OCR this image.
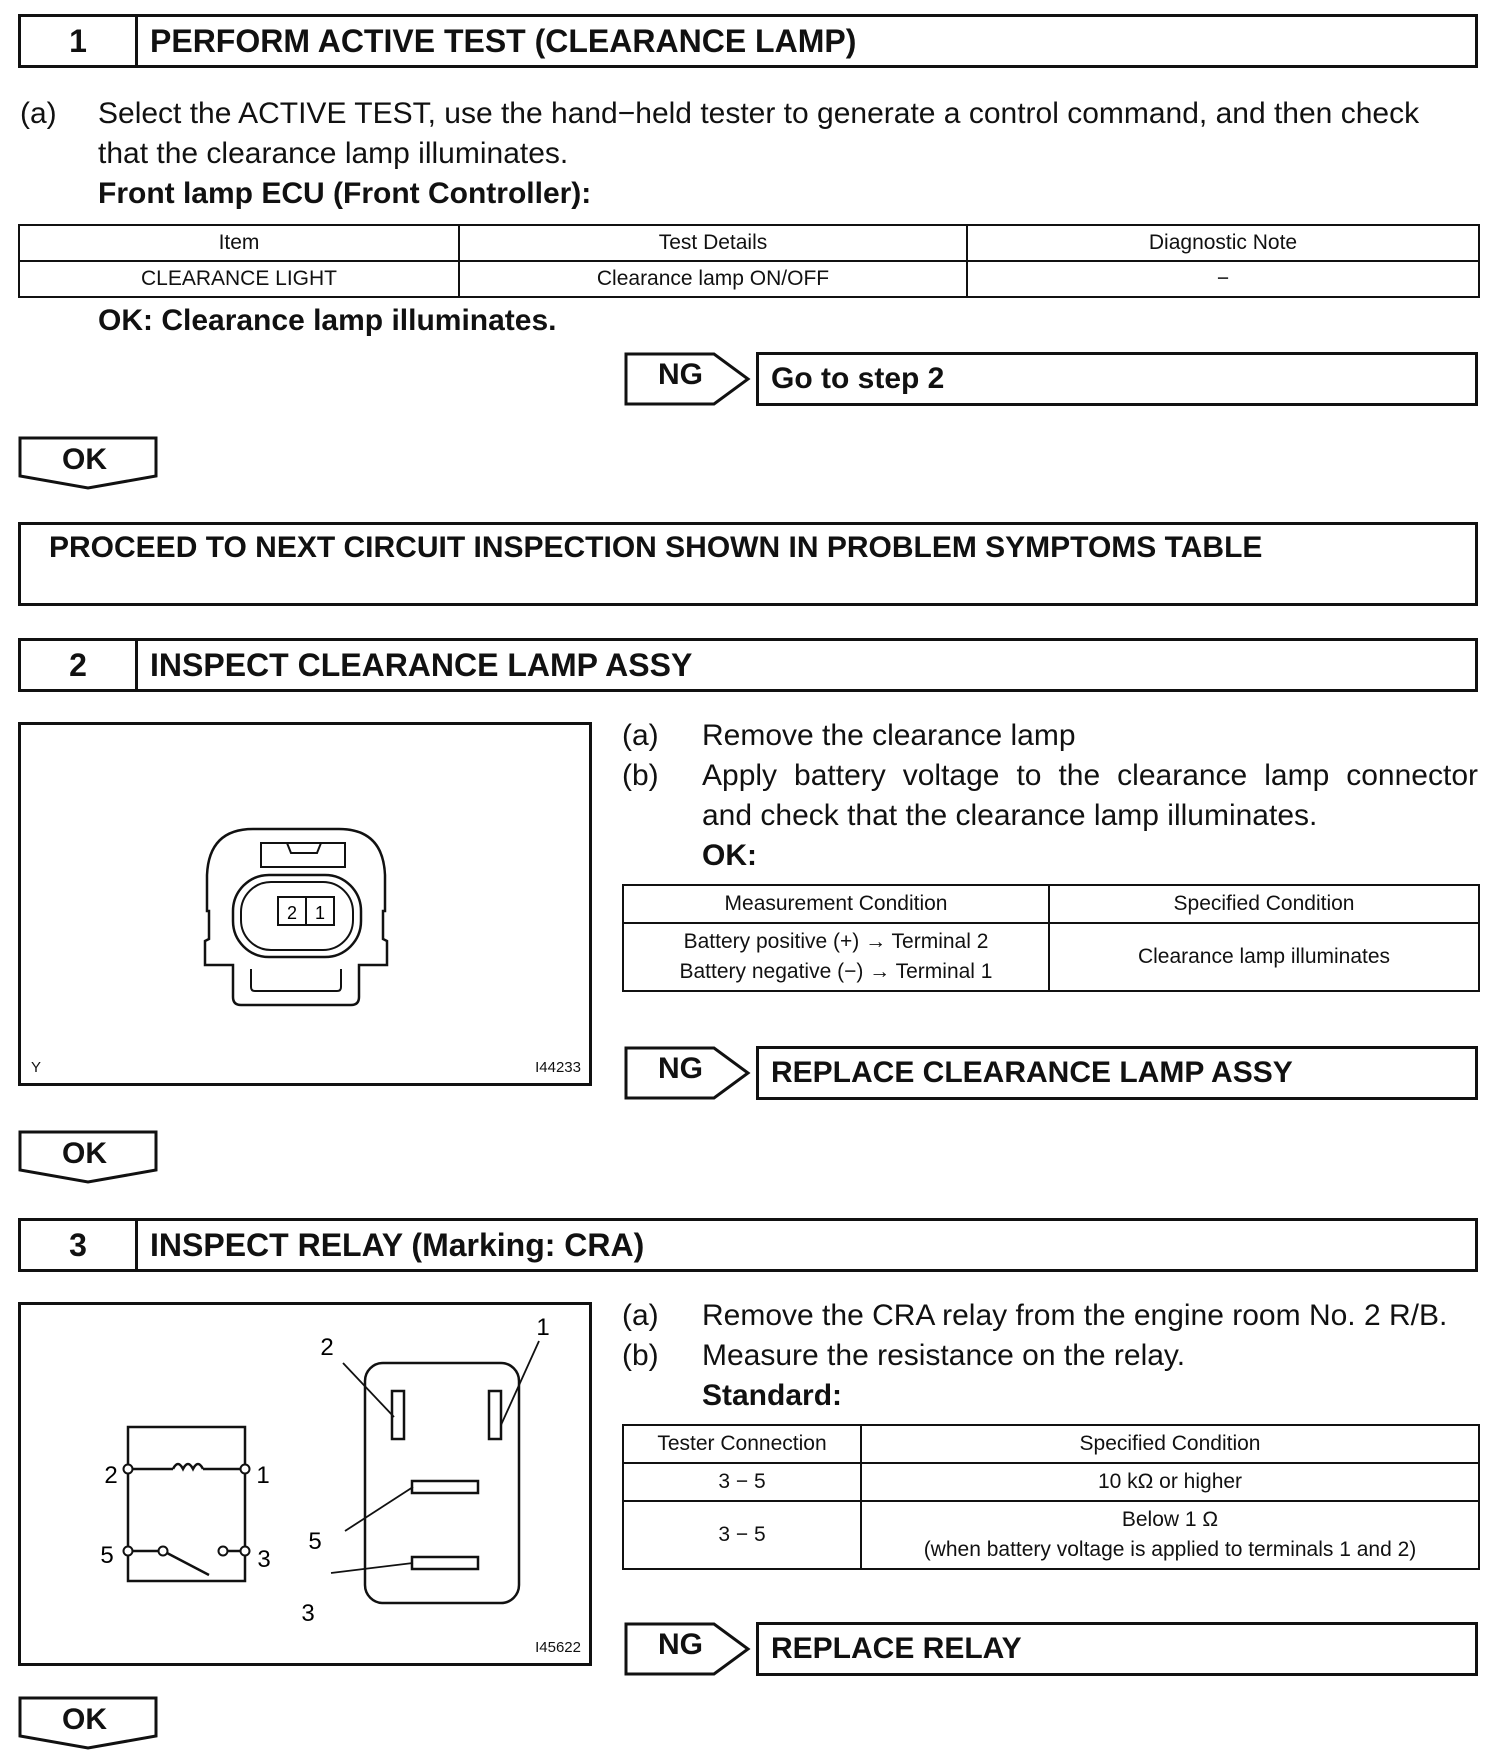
1	PERFORM ACTIVE TEST (CLEARANCE LAMP)
(a) Select the ACTIVE TEST, use the hand−held tester to generate a control command, and then check
that the clearance lamp illuminates.
Front lamp ECU (Front Controller):
Item	Test Details	Diagnostic Note
CLEARANCE LIGHT	Clearance lamp ON/OFF	−
OK: Clearance lamp illuminates.
NG Go to step 2
OK
PROCEED TO NEXT CIRCUIT INSPECTION SHOWN IN PROBLEM SYMPTOMS TABLE
2	INSPECT CLEARANCE LAMP ASSY
2 1
Y	I44233
(a) Remove the clearance lamp
(b) Apply battery voltage to the clearance lamp connector
and check that the clearance lamp illuminates.
OK:
Measurement Condition	Specified Condition

Battery positive (+) → Terminal 2
Battery negative (−) → Terminal 1	Clearance lamp illuminates
NG REPLACE CLEARANCE LAMP ASSY
OK
3	INSPECT RELAY (Marking: CRA)
2	1
5	3
2
1
5
3
I45622
(a) Remove the CRA relay from the engine room No. 2 R/B.
(b) Measure the resistance on the relay.
Standard:
Tester Connection	Specified Condition
3 − 5	10 kΩ or higher
3 − 5	Below 1 Ω
(when battery voltage is applied to terminals 1 and 2)
NG REPLACE RELAY
OK
